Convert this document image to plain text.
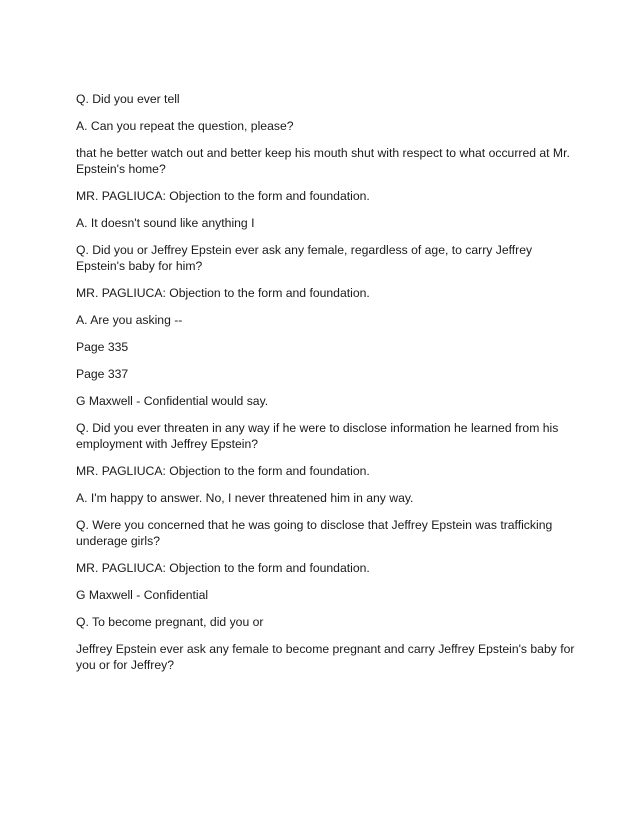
Q. Did you ever tell

A. Can you repeat the question, please?

that he better watch out and better keep his mouth shut with respect to what occurred at Mr. Epstein's home?

MR. PAGLIUCA: Objection to the form and foundation.

A. It doesn't sound like anything I

Q. Did you or Jeffrey Epstein ever ask any female, regardless of age, to carry Jeffrey Epstein's baby for him?

MR. PAGLIUCA: Objection to the form and foundation.

A. Are you asking --

Page 335

Page 337

G Maxwell - Confidential would say.

Q. Did you ever threaten in any way if he were to disclose information he learned from his employment with Jeffrey Epstein?

MR. PAGLIUCA: Objection to the form and foundation.

A. I'm happy to answer. No, I never threatened him in any way.

Q. Were you concerned that he was going to disclose that Jeffrey Epstein was trafficking underage girls?

MR. PAGLIUCA: Objection to the form and foundation.

G Maxwell - Confidential

Q. To become pregnant, did you or

Jeffrey Epstein ever ask any female to become pregnant and carry Jeffrey Epstein's baby for you or for Jeffrey?
